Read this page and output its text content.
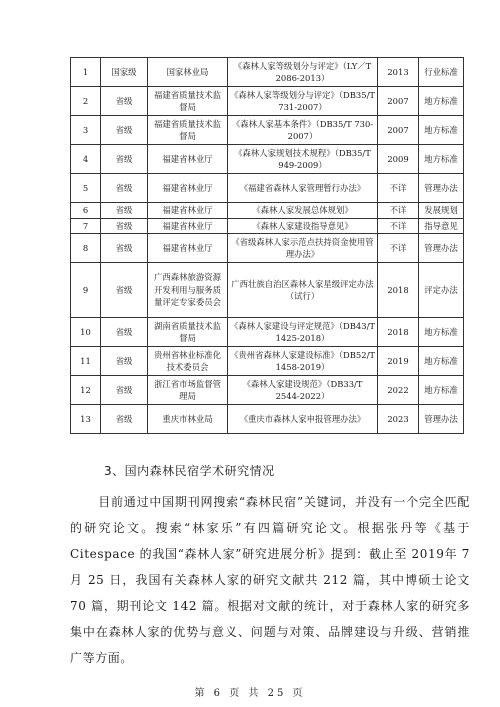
1	国家级	国家林业局	《森林人家等级划分与评定》（LY／T 2086-2013）	2013	行业标准
2	省级	福建省质量技术监督局	《森林人家等级划分与评定》（DB35/T 731-2007）	2007	地方标准
3	省级	福建省质量技术监督局	《森林人家基本条件》（DB35/T 730-2007）	2007	地方标准
4	省级	福建省林业厅	《森林人家规划技术规程》（DB35/T 949-2009）	2009	地方标准
5	省级	福建省林业厅	《福建省森林人家管理暂行办法》	不详	管理办法
6	省级	福建省林业厅	《森林人家发展总体规划》	不详	发展规划
7	省级	福建省林业厅	《森林人家建设指导意见》	不详	指导意见
8	省级	福建省林业厅	《省级森林人家示范点扶持资金使用管理办法》	不详	管理办法
9	省级	广西森林旅游资源开发利用与服务质量评定专家委员会	广西壮族自治区森林人家星级评定办法（试行）	2018	评定办法
10	省级	湖南省质量技术监督局	《森林人家建设与评定规范》（DB43/T 1425-2018）	2018	地方标准
11	省级	贵州省林业标准化技术委员会	《贵州省森林人家建设标准》（DB52/T 1458-2019）	2019	地方标准
12	省级	浙江省市场监督管理局	《森林人家建设规范》（DB33/T 2544-2022）	2022	地方标准
13	省级	重庆市林业局	《重庆市森林人家申报管理办法》	2023	管理办法
3、国内森林民宿学术研究情况

目前通过中国期刊网搜索“森林民宿”关键词，并没有一个完全匹配的研究论文。搜索“林家乐”有四篇研究论文。根据张丹等《基于 Citespace 的我国“森林人家”研究进展分析》提到：截止至 2019年 7 月 25 日，我国有关森林人家的研究文献共 212 篇，其中博硕士论文 70 篇，期刊论文 142 篇。根据对文献的统计，对于森林人家的研究多集中在森林人家的优势与意义、问题与对策、品牌建设与升级、营销推广等方面。

第 6 页 共 25 页
